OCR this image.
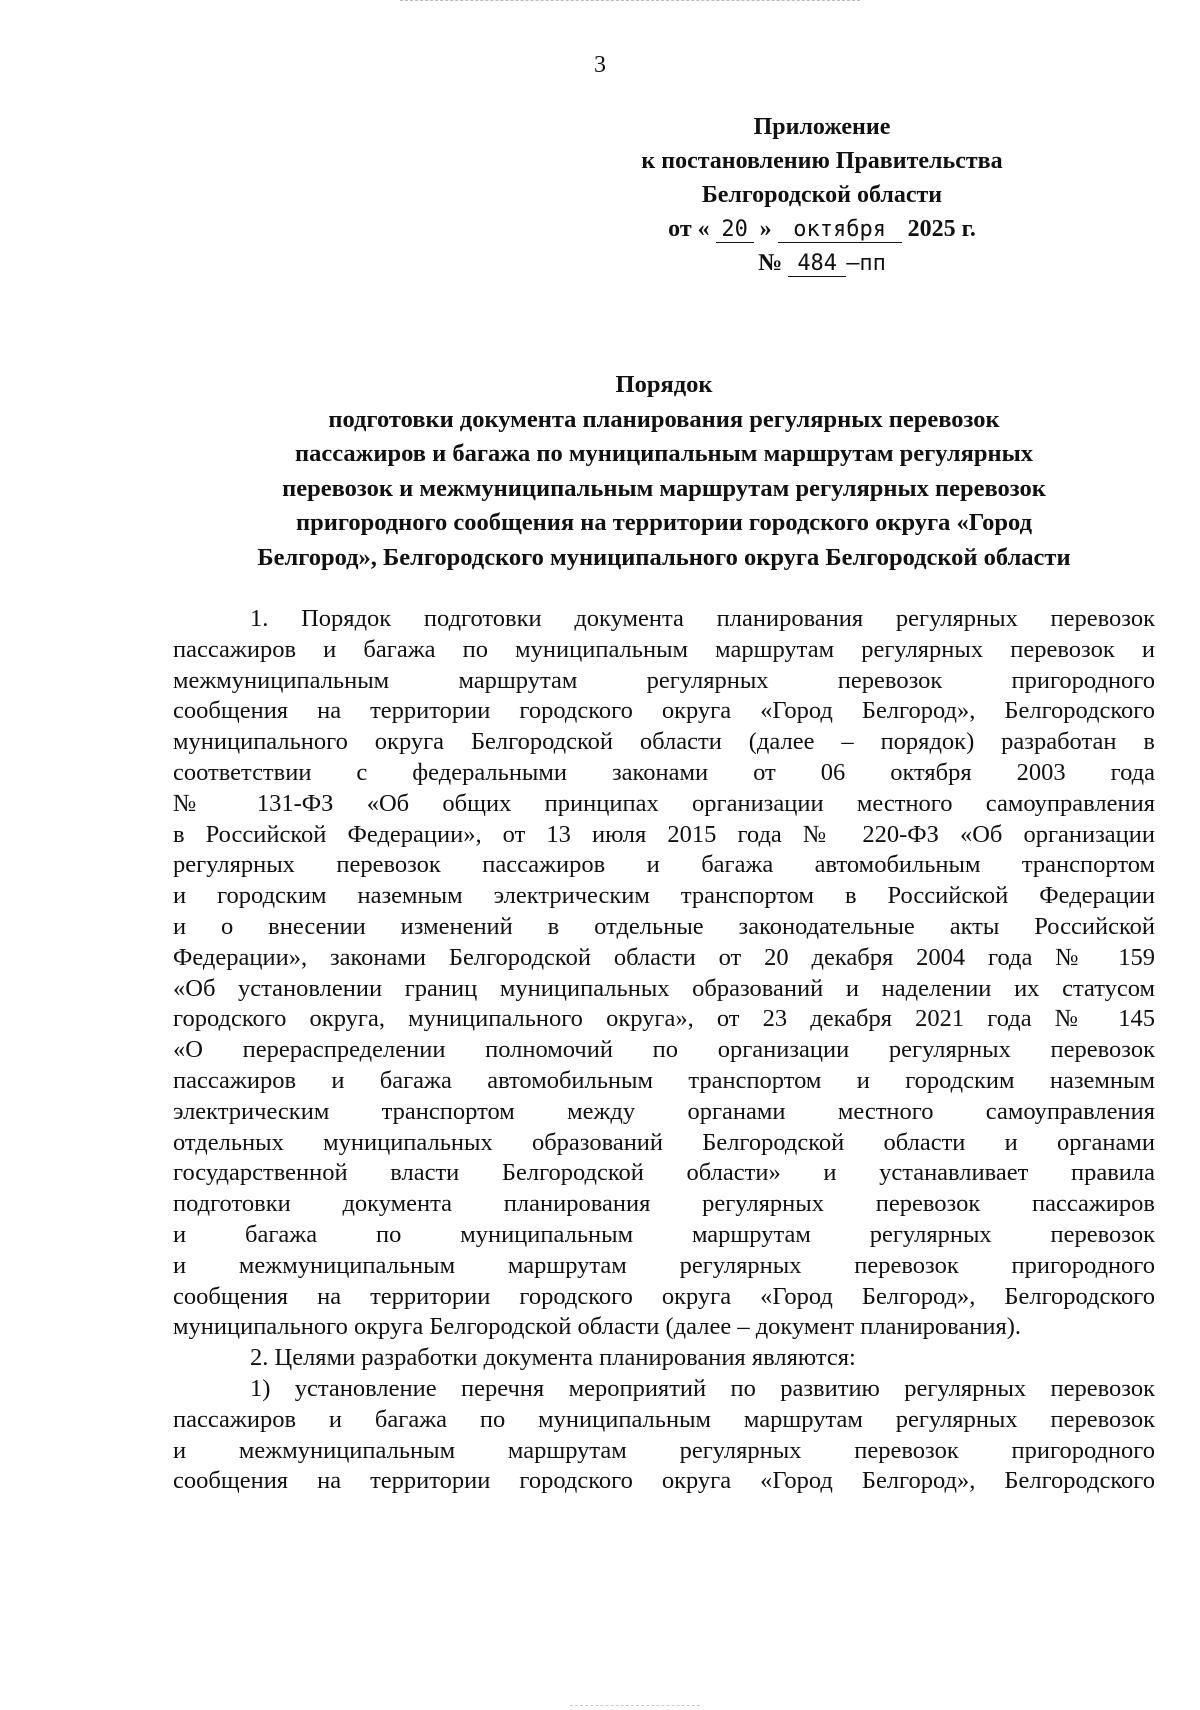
3
Приложение
к постановлению Правительства
Белгородской области
от « 20 » октября 2025 г.
№ 484 –пп
Порядок
подготовки документа планирования регулярных перевозок
пассажиров и багажа по муниципальным маршрутам регулярных
перевозок и межмуниципальным маршрутам регулярных перевозок
пригородного сообщения на территории городского округа «Город
Белгород», Белгородского муниципального округа Белгородской области
1. Порядок подготовки документа планирования регулярных перевозок
пассажиров и багажа по муниципальным маршрутам регулярных перевозок и
межмуниципальным маршрутам регулярных перевозок пригородного
сообщения на территории городского округа «Город Белгород», Белгородского
муниципального округа Белгородской области (далее – порядок) разработан в
соответствии с федеральными законами от 06 октября 2003 года
№ 131-ФЗ «Об общих принципах организации местного самоуправления
в Российской Федерации», от 13 июля 2015 года № 220-ФЗ «Об организации
регулярных перевозок пассажиров и багажа автомобильным транспортом
и городским наземным электрическим транспортом в Российской Федерации
и о внесении изменений в отдельные законодательные акты Российской
Федерации», законами Белгородской области от 20 декабря 2004 года № 159
«Об установлении границ муниципальных образований и наделении их статусом
городского округа, муниципального округа», от 23 декабря 2021 года № 145
«О перераспределении полномочий по организации регулярных перевозок
пассажиров и багажа автомобильным транспортом и городским наземным
электрическим транспортом между органами местного самоуправления
отдельных муниципальных образований Белгородской области и органами
государственной власти Белгородской области» и устанавливает правила
подготовки документа планирования регулярных перевозок пассажиров
и багажа по муниципальным маршрутам регулярных перевозок
и межмуниципальным маршрутам регулярных перевозок пригородного
сообщения на территории городского округа «Город Белгород», Белгородского
муниципального округа Белгородской области (далее – документ планирования).
2. Целями разработки документа планирования являются:
1) установление перечня мероприятий по развитию регулярных перевозок
пассажиров и багажа по муниципальным маршрутам регулярных перевозок
и межмуниципальным маршрутам регулярных перевозок пригородного
сообщения на территории городского округа «Город Белгород», Белгородского
